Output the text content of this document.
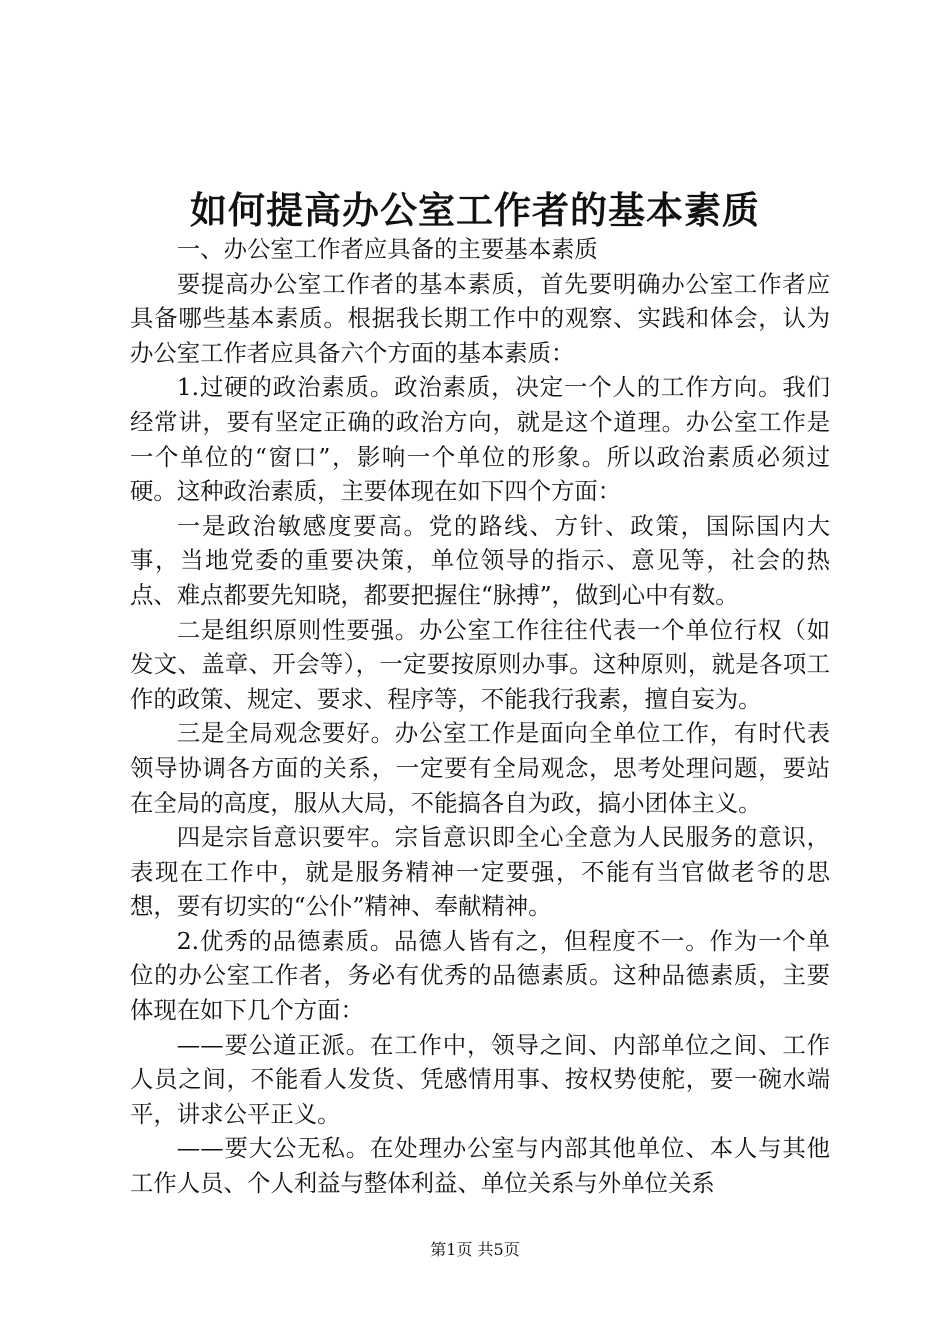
如何提高办公室工作者的基本素质

一、办公室工作者应具备的主要基本素质

要提高办公室工作者的基本素质，首先要明确办公室工作者应具备哪些基本素质。根据我长期工作中的观察、实践和体会，认为办公室工作者应具备六个方面的基本素质：

1.过硬的政治素质。政治素质，决定一个人的工作方向。我们经常讲，要有坚定正确的政治方向，就是这个道理。办公室工作是一个单位的“窗口”，影响一个单位的形象。所以政治素质必须过硬。这种政治素质，主要体现在如下四个方面：

一是政治敏感度要高。党的路线、方针、政策，国际国内大事，当地党委的重要决策，单位领导的指示、意见等，社会的热点、难点都要先知晓，都要把握住“脉搏”，做到心中有数。

二是组织原则性要强。办公室工作往往代表一个单位行权（如发文、盖章、开会等），一定要按原则办事。这种原则，就是各项工作的政策、规定、要求、程序等，不能我行我素，擅自妄为。

三是全局观念要好。办公室工作是面向全单位工作，有时代表领导协调各方面的关系，一定要有全局观念，思考处理问题，要站在全局的高度，服从大局，不能搞各自为政，搞小团体主义。

四是宗旨意识要牢。宗旨意识即全心全意为人民服务的意识，表现在工作中，就是服务精神一定要强，不能有当官做老爷的思想，要有切实的“公仆”精神、奉献精神。

2.优秀的品德素质。品德人皆有之，但程度不一。作为一个单位的办公室工作者，务必有优秀的品德素质。这种品德素质，主要体现在如下几个方面：

——要公道正派。在工作中，领导之间、内部单位之间、工作人员之间，不能看人发货、凭感情用事、按权势使舵，要一碗水端平，讲求公平正义。

——要大公无私。在处理办公室与内部其他单位、本人与其他工作人员、个人利益与整体利益、单位关系与外单位关系

第1页 共5页
